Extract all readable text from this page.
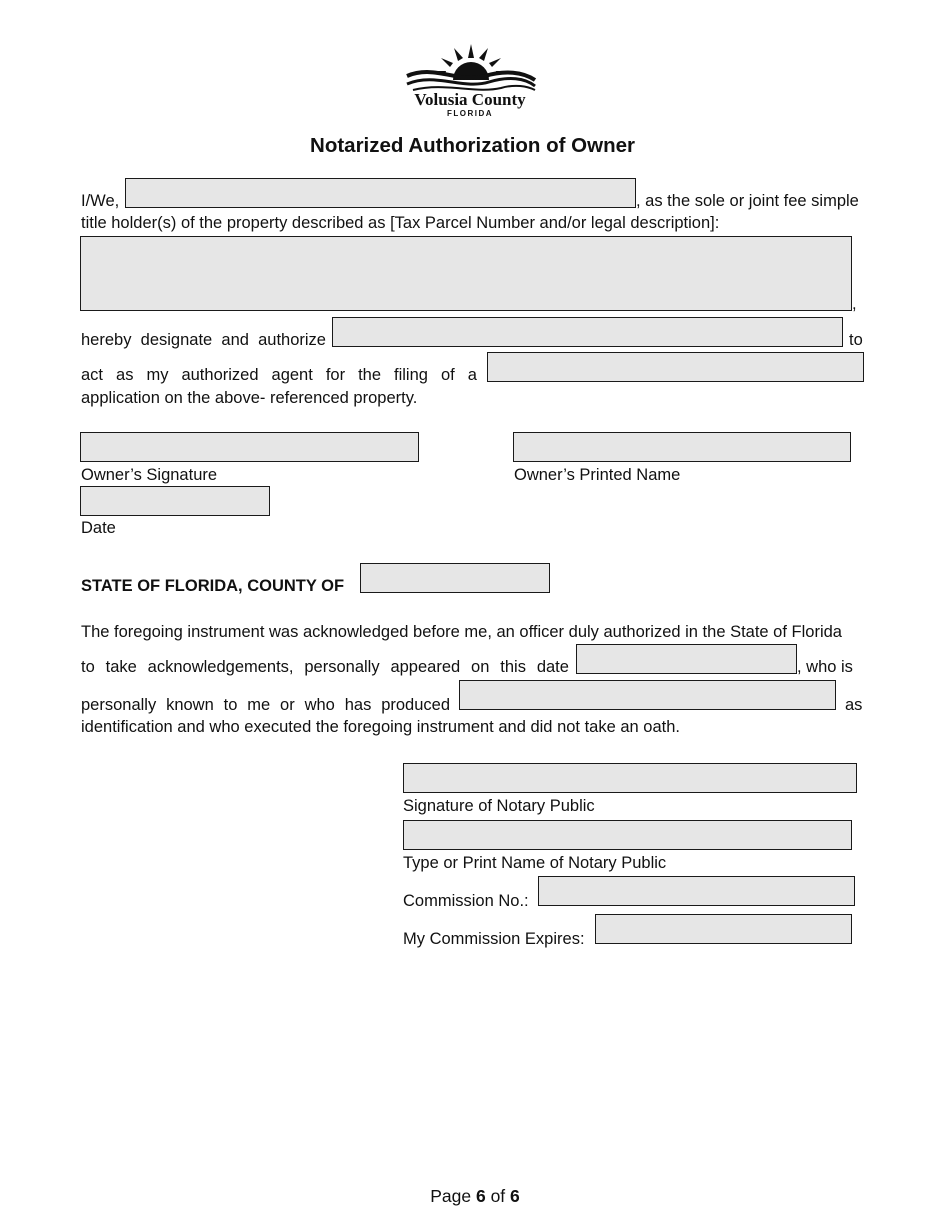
Volusia County
FLORIDA
Notarized Authorization of Owner
I/We,	, as the sole or joint fee simple
title holder(s) of the property described as [Tax Parcel Number and/or legal description]:
,
hereby designate and authorize	to
act as my authorized agent for the filing of a
application on the above- referenced property.
Owner’s Signature	Owner’s Printed Name
Date
STATE OF FLORIDA, COUNTY OF
The foregoing instrument was acknowledged before me, an officer duly authorized in the State of Florida
to take acknowledgements, personally appeared on this date	, who is
personally known to me or who has produced	as
identification and who executed the foregoing instrument and did not take an oath.
Signature of Notary Public
Type or Print Name of Notary Public
Commission No.:
My Commission Expires:
Page 6 of 6
